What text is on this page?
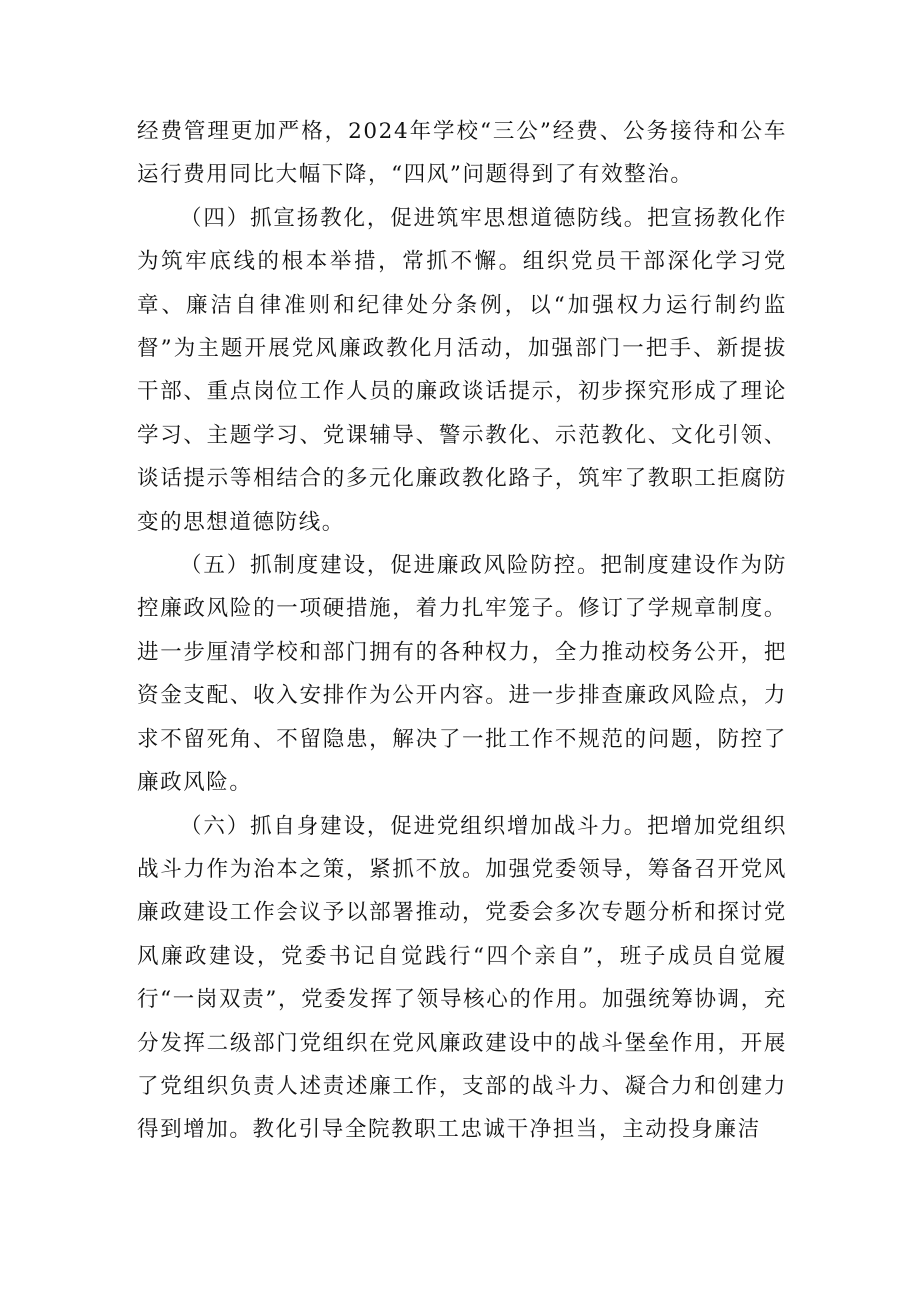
经费管理更加严格，2024年学校“三公”经费、公务接待和公车运行费用同比大幅下降，“四风”问题得到了有效整治。

（四）抓宣扬教化，促进筑牢思想道德防线。把宣扬教化作为筑牢底线的根本举措，常抓不懈。组织党员干部深化学习党章、廉洁自律准则和纪律处分条例，以“加强权力运行制约监督”为主题开展党风廉政教化月活动，加强部门一把手、新提拔干部、重点岗位工作人员的廉政谈话提示，初步探究形成了理论学习、主题学习、党课辅导、警示教化、示范教化、文化引领、谈话提示等相结合的多元化廉政教化路子，筑牢了教职工拒腐防变的思想道德防线。

（五）抓制度建设，促进廉政风险防控。把制度建设作为防控廉政风险的一项硬措施，着力扎牢笼子。修订了学规章制度。进一步厘清学校和部门拥有的各种权力，全力推动校务公开，把资金支配、收入安排作为公开内容。进一步排查廉政风险点，力求不留死角、不留隐患，解决了一批工作不规范的问题，防控了廉政风险。

（六）抓自身建设，促进党组织增加战斗力。把增加党组织战斗力作为治本之策，紧抓不放。加强党委领导，筹备召开党风廉政建设工作会议予以部署推动，党委会多次专题分析和探讨党风廉政建设，党委书记自觉践行“四个亲自”，班子成员自觉履行“一岗双责”，党委发挥了领导核心的作用。加强统筹协调，充分发挥二级部门党组织在党风廉政建设中的战斗堡垒作用，开展了党组织负责人述责述廉工作，支部的战斗力、凝合力和创建力得到增加。教化引导全院教职工忠诚干净担当，主动投身廉洁
